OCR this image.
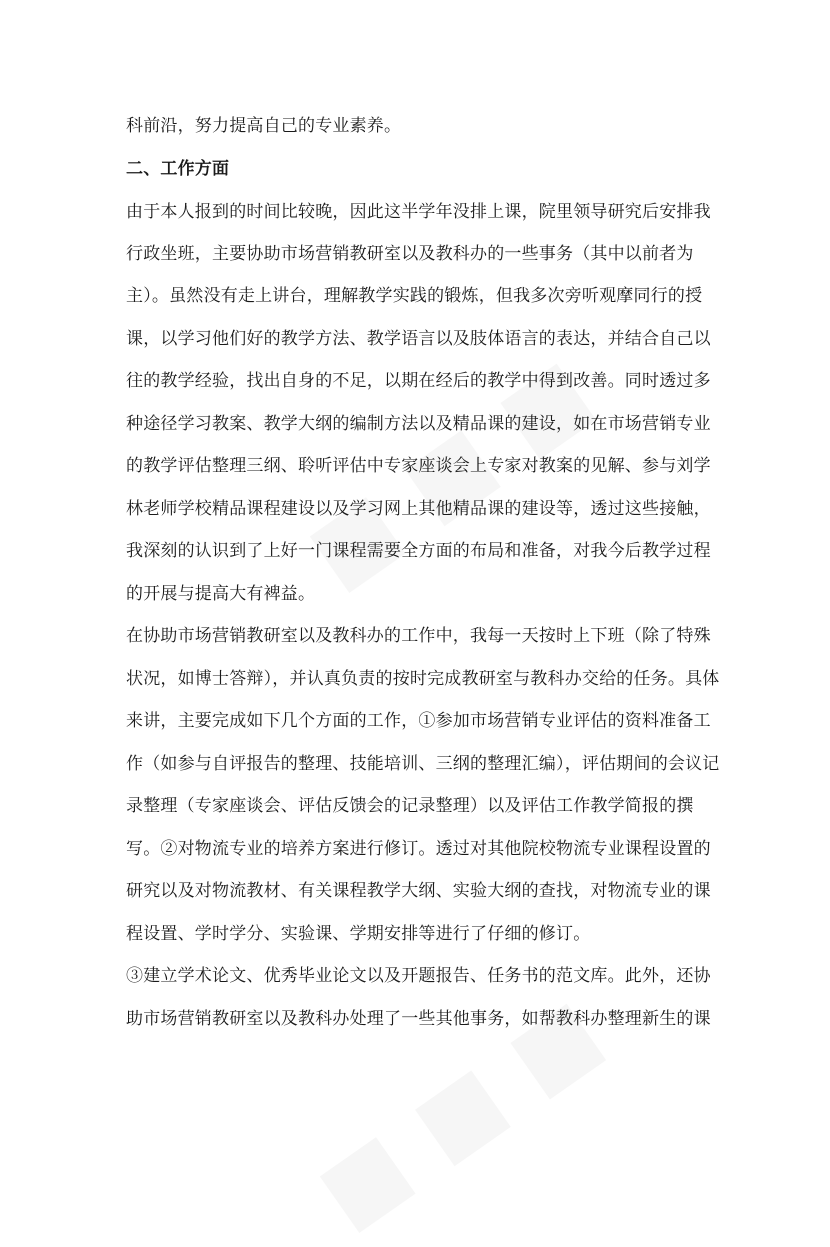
科前沿，努力提高自己的专业素养。
二、工作方面
由于本人报到的时间比较晚，因此这半学年没排上课，院里领导研究后安排我
行政坐班，主要协助市场营销教研室以及教科办的一些事务（其中以前者为
主）。虽然没有走上讲台，理解教学实践的锻炼，但我多次旁听观摩同行的授
课，以学习他们好的教学方法、教学语言以及肢体语言的表达，并结合自己以
往的教学经验，找出自身的不足，以期在经后的教学中得到改善。同时透过多
种途径学习教案、教学大纲的编制方法以及精品课的建设，如在市场营销专业
的教学评估整理三纲、聆听评估中专家座谈会上专家对教案的见解、参与刘学
林老师学校精品课程建设以及学习网上其他精品课的建设等，透过这些接触，
我深刻的认识到了上好一门课程需要全方面的布局和准备，对我今后教学过程
的开展与提高大有裨益。
在协助市场营销教研室以及教科办的工作中，我每一天按时上下班（除了特殊
状况，如博士答辩），并认真负责的按时完成教研室与教科办交给的任务。具体
来讲，主要完成如下几个方面的工作，①参加市场营销专业评估的资料准备工
作（如参与自评报告的整理、技能培训、三纲的整理汇编），评估期间的会议记
录整理（专家座谈会、评估反馈会的记录整理）以及评估工作教学简报的撰
写。②对物流专业的培养方案进行修订。透过对其他院校物流专业课程设置的
研究以及对物流教材、有关课程教学大纲、实验大纲的查找，对物流专业的课
程设置、学时学分、实验课、学期安排等进行了仔细的修订。
③建立学术论文、优秀毕业论文以及开题报告、任务书的范文库。此外，还协
助市场营销教研室以及教科办处理了一些其他事务，如帮教科办整理新生的课
